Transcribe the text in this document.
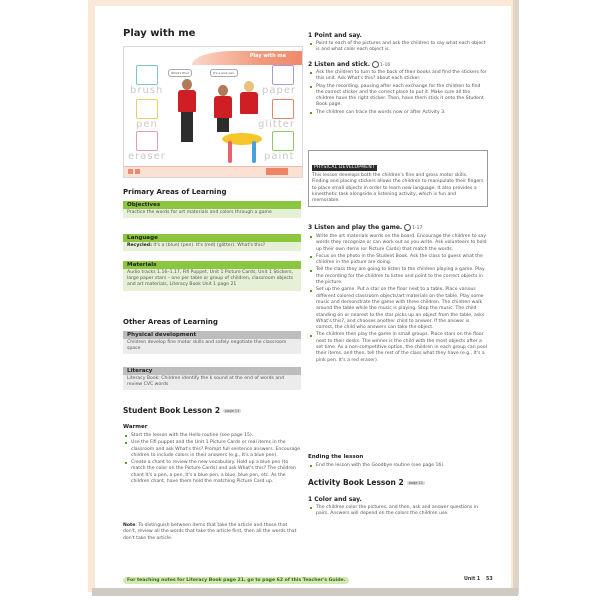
Play with me
Play with me
brush
pen
eraser
paper
glitter
paint
What's this?	It's a pink pen.
Primary Areas of Learning
Objectives
Practice the words for art materials and colors through a game
Language
Recycled: It's a (blue) (pen). It's (red) (glitter). What's this?
Materials
Audio tracks 1.16–1.17, Fifi Puppet, Unit 1 Picture Cards, Unit 1 Stickers, large paper stars – one per table or group of children, classroom objects and art materials, Literacy Book Unit 1 page 21
Other Areas of Learning
Physical development
Children develop fine motor skills and safely negotiate the classroom space
Literacy
Literacy Book: Children identify the k sound at the end of words and review CVC words
Student Book Lesson 2 page 11
Warmer
Start the lesson with the Hello routine (see page 15).
Use the Fifi puppet and the Unit 1 Picture Cards or real items in the classroom and ask What's this? Prompt full sentence answers. Encourage children to include colors in their answers (e.g., It's a blue pen).
Create a chant to review the new vocabulary. Hold up a blue pen (to match the color on the Picture Cards) and ask What's this? The children chant It's a pen, a pen, It's a blue pen, a blue, blue pen, etc. As the children chant, have them hold the matching Picture Card up.

Note: To distinguish between items that take the article and those that don't, review all the words that take the article first, then all the words that don't take the article.

1 Point and say.
Point to each of the pictures and ask the children to say what each object is and what color each object is.
2 Listen and stick. 1-16
Ask the children to turn to the back of their books and find the stickers for this unit. Ask What's this? about each sticker.
Play the recording, pausing after each exchange for the children to find the correct sticker and the correct place to put it. Make sure all the children have the right sticker. Then, have them stick it onto the Student Book page.
The children can trace the words now or after Activity 3.
PHYSICAL DEVELOPMENT
This lesson develops both the children's fine and gross motor skills. Finding and placing stickers allows the children to manipulate their fingers to place small objects in order to learn new language. It also provides a kinesthetic task alongside a listening activity, which is fun and memorable.
3 Listen and play the game. 1-17
Write the art materials words on the board. Encourage the children to say words they recognize or can work out as you write. Ask volunteers to hold up their own items (or Picture Cards) that match the words.
Focus on the photo in the Student Book. Ask the class to guess what the children in the picture are doing.
Tell the class they are going to listen to the children playing a game. Play the recording for the children to listen and point to the correct objects in the picture.
Set up the game. Put a star on the floor next to a table. Place various different colored classroom objects/art materials on the table. Play some music and demonstrate the game with three children. The children walk around the table while the music is playing. Stop the music. The child standing on or nearest to the star picks up an object from the table, asks What's this?, and chooses another child to answer. If the answer is correct, the child who answers can take the object.
The children then play the game in small groups. Place stars on the floor next to their desks. The winner is the child with the most objects after a set time. As a non-competitive option, the children in each group can pool their items, and then, tell the rest of the class what they have (e.g., It's a pink pen. It's a red eraser).
Ending the lesson
End the lesson with the Goodbye routine (see page 16).
Activity Book Lesson 2 page 11
1 Color and say.
The children color the pictures, and then, ask and answer questions in pairs. Answers will depend on the colors the children use.
For teaching notes for Literacy Book page 21, go to page 62 of this Teacher's Guide.	Unit 1 53
